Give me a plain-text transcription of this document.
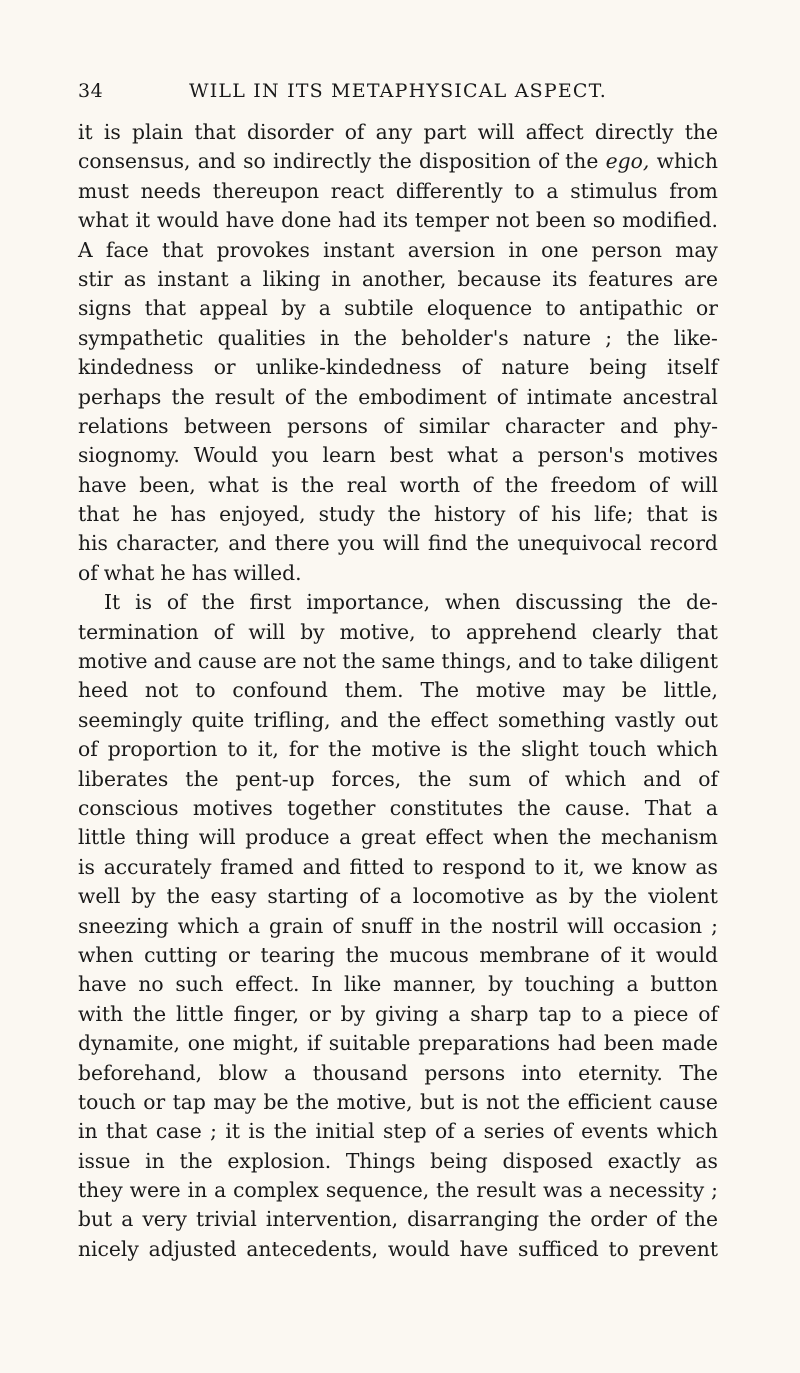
34	WILL IN ITS METAPHYSICAL ASPECT.
it is plain that disorder of any part will affect directly the
consensus, and so indirectly the disposition of the ego, which
must needs thereupon react differently to a stimulus from
what it would have done had its temper not been so modified.
A face that provokes instant aversion in one person may
stir as instant a liking in another, because its features are
signs that appeal by a subtile eloquence to antipathic or
sympathetic qualities in the beholder's nature ; the like-
kindedness or unlike-kindedness of nature being itself
perhaps the result of the embodiment of intimate ancestral
relations between persons of similar character and phy-
siognomy. Would you learn best what a person's motives
have been, what is the real worth of the freedom of will
that he has enjoyed, study the history of his life; that is
his character, and there you will find the unequivocal record
of what he has willed.
It is of the first importance, when discussing the de-
termination of will by motive, to apprehend clearly that
motive and cause are not the same things, and to take diligent
heed not to confound them. The motive may be little,
seemingly quite trifling, and the effect something vastly out
of proportion to it, for the motive is the slight touch which
liberates the pent-up forces, the sum of which and of
conscious motives together constitutes the cause. That a
little thing will produce a great effect when the mechanism
is accurately framed and fitted to respond to it, we know as
well by the easy starting of a locomotive as by the violent
sneezing which a grain of snuff in the nostril will occasion ;
when cutting or tearing the mucous membrane of it would
have no such effect. In like manner, by touching a button
with the little finger, or by giving a sharp tap to a piece of
dynamite, one might, if suitable preparations had been made
beforehand, blow a thousand persons into eternity. The
touch or tap may be the motive, but is not the efficient cause
in that case ; it is the initial step of a series of events which
issue in the explosion. Things being disposed exactly as
they were in a complex sequence, the result was a necessity ;
but a very trivial intervention, disarranging the order of the
nicely adjusted antecedents, would have sufficed to prevent
